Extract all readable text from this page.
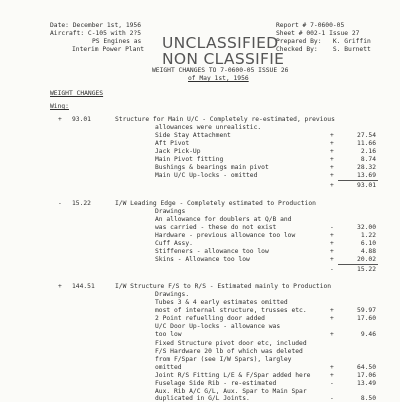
Date: December 1st, 1956
Aircraft: C-105 with 2?5
PS Engines as
Interim Power Plant
Report # 7-0600-05
Sheet # 002-1 Issue 27
Prepared By:   K. Griffin
Checked By:    S. Burnett
UNCLASSIFIED
NON CLASSIFIE
WEIGHT CHANGES TO 7-0600-05 ISSUE 26
of May 1st, 1956
WEIGHT CHANGES
Wing:
+ 93.01	Structure for Main U/C - Completely re-estimated, previous
allowances were unrealistic.
Side Stay Attachment	+	27.54
Aft Pivot	+	11.66
Jack Pick-Up	+	2.16
Main Pivot fitting	+	8.74
Bushings & bearings main pivot	+	28.32
Main U/C Up-locks - omitted	+	13.69
+	93.01
- 15.22	I/W Leading Edge - Completely estimated to Production
Drawings
An allowance for doublers at Q/B and
was carried - these do not exist	-	32.00
Hardware - previous allowance too low	+	1.22
Cuff Assy.	+	6.10
Stiffeners - allowance too low	+	4.88
Skins - Allowance too low	+	20.02
-	15.22
+ 144.51	I/W Structure F/S to R/S - Estimated mainly to Production
Drawings.
Tubes 3 & 4 early estimates omitted
most of internal structure, trusses etc.	+	59.97
2 Point refuelling door added	+	17.60
U/C Door Up-locks - allowance was
too low	+	9.46
Fixed Structure pivot door etc, included
F/S Hardware 20 lb of which was deleted
from F/Spar (see I/W Spars), largley
omitted	+	64.50
Joint R/S Fitting L/E & F/Spar added here	+	17.06
Fuselage Side Rib - re-estimated	-	13.49
Aux. Rib A/C G/L, Aux. Spar to Main Spar
duplicated in G/L Joints.	-	8.50
